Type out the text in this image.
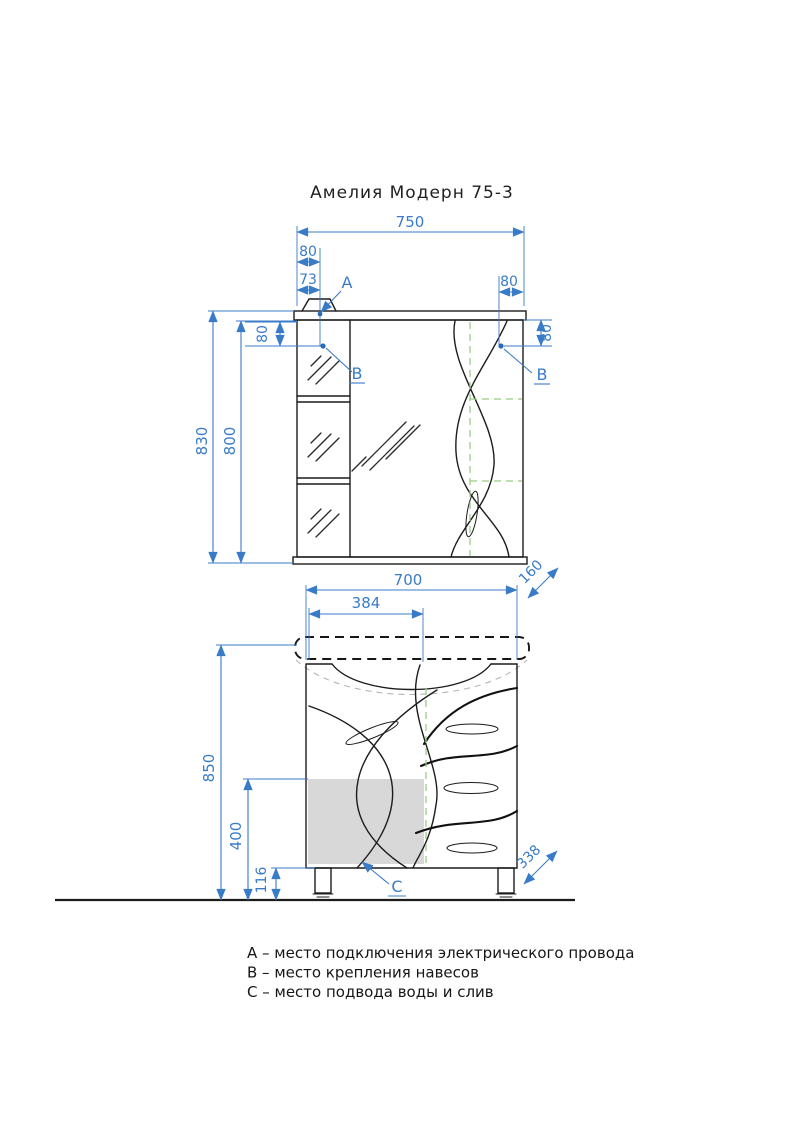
Амелия Модерн 75-3
750
80
73 A
80
B
80
80
B
830 800
700
384
160
850
400
116
338
C
A – место подключения электрического провода
B – место крепления навесов
C – место подвода воды и слив
